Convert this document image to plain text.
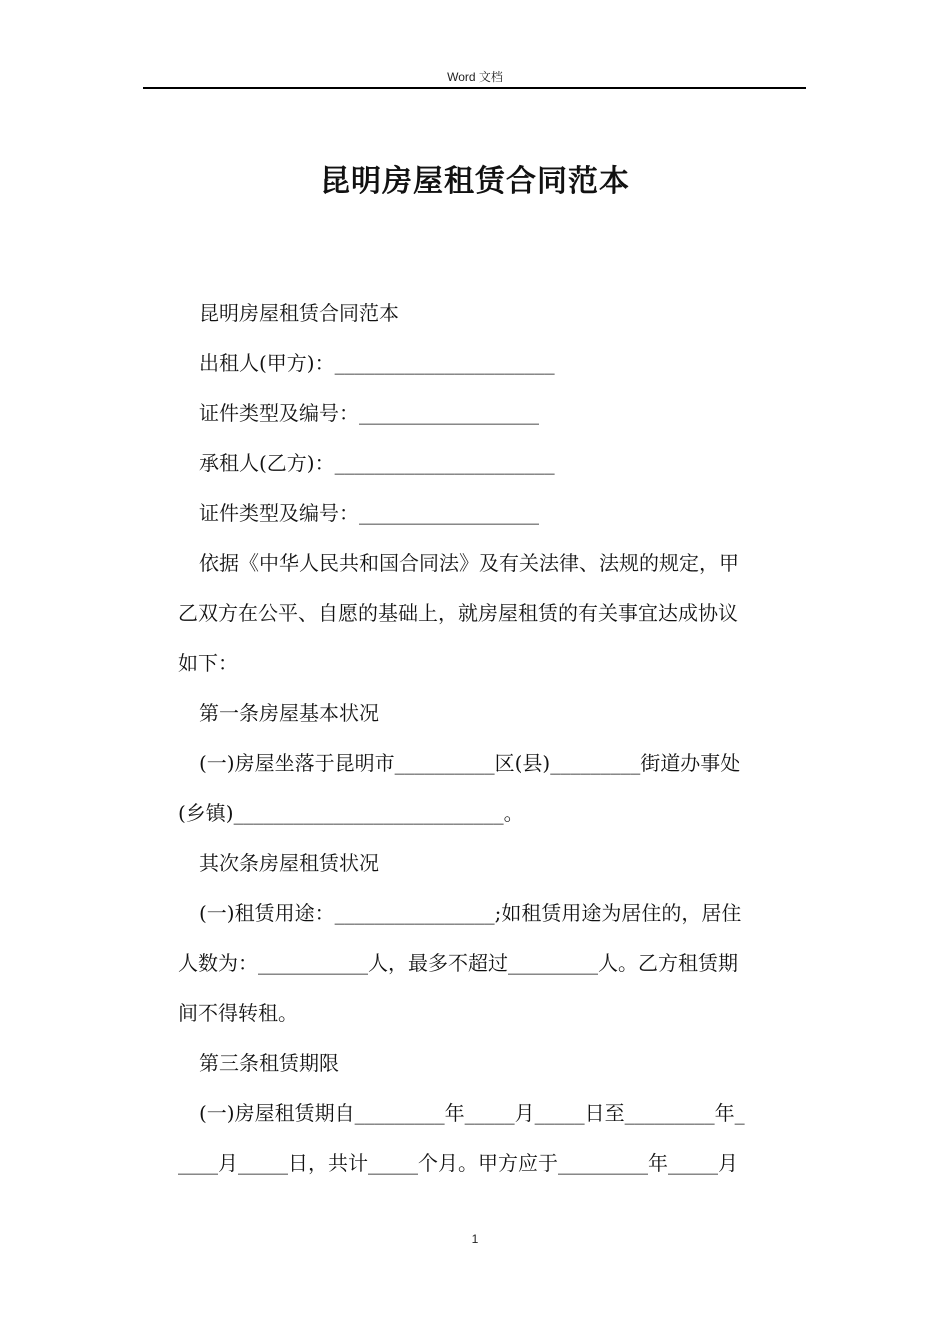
Word 文档
昆明房屋租赁合同范本

昆明房屋租赁合同范本

出租人(甲方)：______________________

证件类型及编号：__________________

承租人(乙方)：______________________

证件类型及编号：__________________

依据《中华人民共和国合同法》及有关法律、法规的规定，甲

乙双方在公平、自愿的基础上，就房屋租赁的有关事宜达成协议

如下：

第一条房屋基本状况

(一)房屋坐落于昆明市__________区(县)_________街道办事处

(乡镇)___________________________。

其次条房屋租赁状况

(一)租赁用途：________________;如租赁用途为居住的，居住

人数为：___________人，最多不超过_________人。乙方租赁期

间不得转租。

第三条租赁期限

(一)房屋租赁期自_________年_____月_____日至_________年_

____月_____日，共计_____个月。甲方应于_________年_____月

1
